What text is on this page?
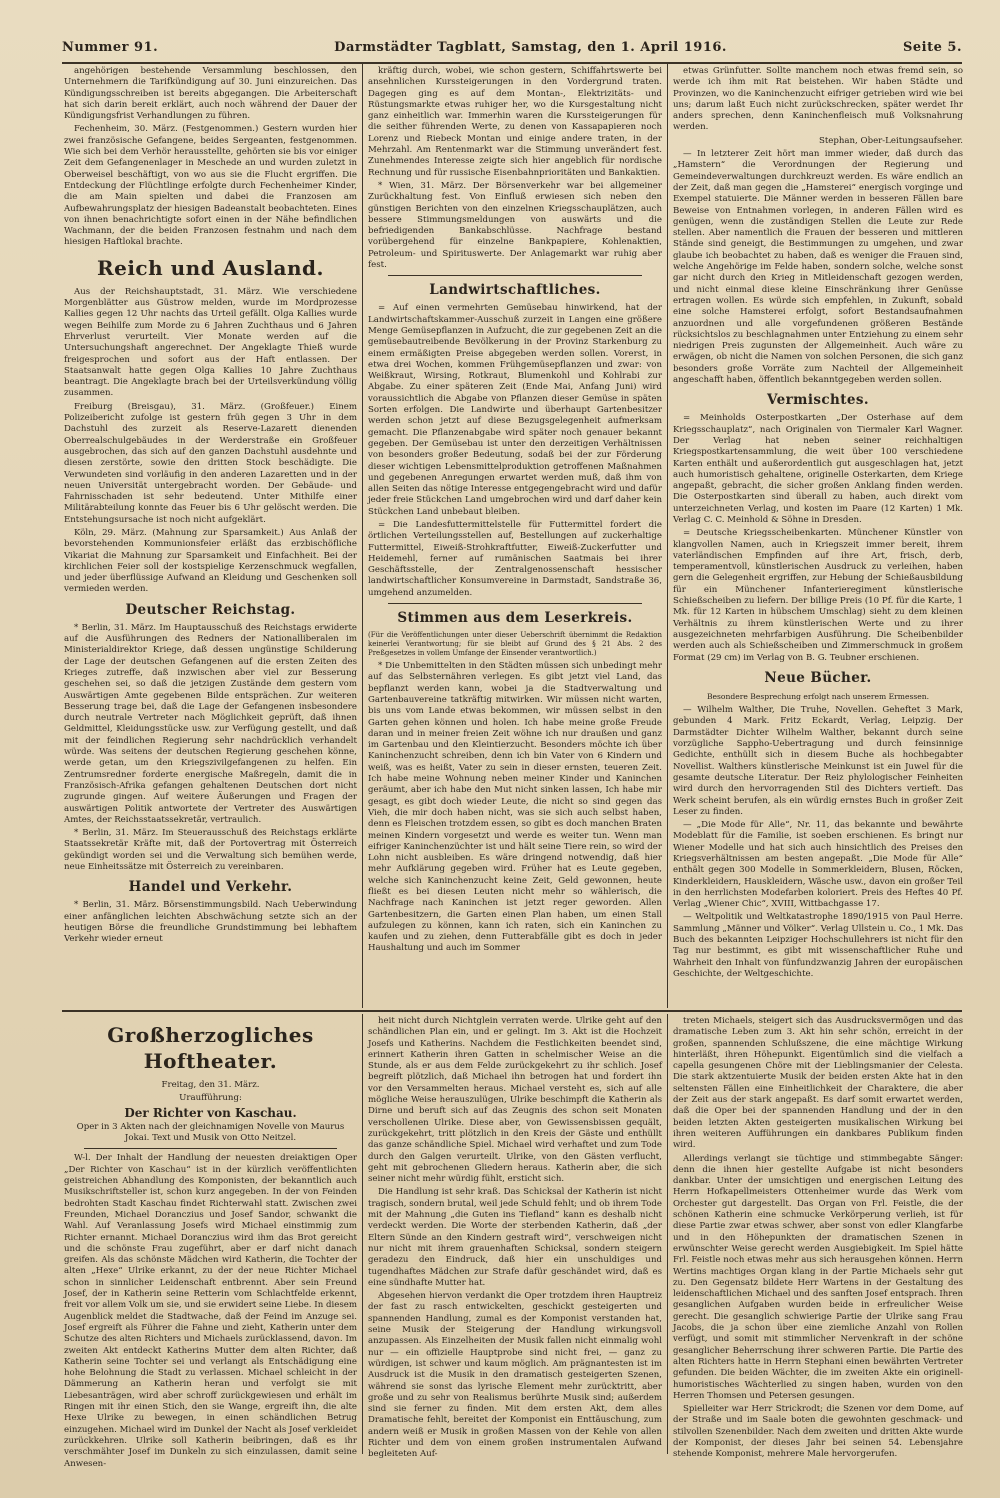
Nummer 91.	Darmstädter Tagblatt, Samstag, den 1. April 1916.	Seite 5.

angehörigen bestehende Versammlung beschlossen, den Unternehmern die Tarifkündigung auf 30. Juni einzureichen. Das Kündigungsschreiben ist bereits abgegangen. Die Arbeiterschaft hat sich darin bereit erklärt, auch noch während der Dauer der Kündigungsfrist Verhandlungen zu führen.

Fechenheim, 30. März. (Festgenommen.) Gestern wurden hier zwei französische Gefangene, beides Sergeanten, festgenommen. Wie sich bei dem Verhör herausstellte, gehörten sie bis vor einiger Zeit dem Gefangenenlager in Meschede an und wurden zuletzt in Oberweisel beschäftigt, von wo aus sie die Flucht ergriffen. Die Entdeckung der Flüchtlinge erfolgte durch Fechenheimer Kinder, die am Main spielten und dabei die Franzosen am Aufbewahrungsplatz der hiesigen Badeanstalt beobachteten. Eines von ihnen benachrichtigte sofort einen in der Nähe befindlichen Wachmann, der die beiden Franzosen festnahm und nach dem hiesigen Haftlokal brachte.

Reich und Ausland.

Aus der Reichshauptstadt, 31. März. Wie verschiedene Morgenblätter aus Güstrow melden, wurde im Mordprozesse Kallies gegen 12 Uhr nachts das Urteil gefällt. Olga Kallies wurde wegen Beihilfe zum Morde zu 6 Jahren Zuchthaus und 6 Jahren Ehrverlust verurteilt. Vier Monate werden auf die Untersuchungshaft angerechnet. Der Angeklagte Thieß wurde freigesprochen und sofort aus der Haft entlassen. Der Staatsanwalt hatte gegen Olga Kallies 10 Jahre Zuchthaus beantragt. Die Angeklagte brach bei der Urteilsverkündung völlig zusammen.

Freiburg (Breisgau), 31. März. (Großfeuer.) Einem Polizeibericht zufolge ist gestern früh gegen 3 Uhr in dem Dachstuhl des zurzeit als Reserve-Lazarett dienenden Oberrealschulgebäudes in der Werderstraße ein Großfeuer ausgebrochen, das sich auf den ganzen Dachstuhl ausdehnte und diesen zerstörte, sowie den dritten Stock beschädigte. Die Verwundeten sind vorläufig in den anderen Lazaretten und in der neuen Universität untergebracht worden. Der Gebäude- und Fahrnisschaden ist sehr bedeutend. Unter Mithilfe einer Militärabteilung konnte das Feuer bis 6 Uhr gelöscht werden. Die Entstehungsursache ist noch nicht aufgeklärt.

Köln, 29. März. (Mahnung zur Sparsamkeit.) Aus Anlaß der bevorstehenden Kommunionsfeier erläßt das erzbischöfliche Vikariat die Mahnung zur Sparsamkeit und Einfachheit. Bei der kirchlichen Feier soll der kostspielige Kerzenschmuck wegfallen, und jeder überflüssige Aufwand an Kleidung und Geschenken soll vermieden werden.

Deutscher Reichstag.

* Berlin, 31. März. Im Hauptausschuß des Reichstags erwiderte auf die Ausführungen des Redners der Nationalliberalen im Ministerialdirektor Kriege, daß dessen ungünstige Schilderung der Lage der deutschen Gefangenen auf die ersten Zeiten des Krieges zutreffe, daß inzwischen aber viel zur Besserung geschehen sei, so daß die jetzigen Zustände dem gestern vom Auswärtigen Amte gegebenen Bilde entsprächen. Zur weiteren Besserung trage bei, daß die Lage der Gefangenen insbesondere durch neutrale Vertreter nach Möglichkeit geprüft, daß ihnen Geldmittel, Kleidungsstücke usw. zur Verfügung gestellt, und daß mit der feindlichen Regierung sehr nachdrücklich verhandelt würde. Was seitens der deutschen Regierung geschehen könne, werde getan, um den Kriegszivilgefangenen zu helfen. Ein Zentrumsredner forderte energische Maßregeln, damit die in Französisch-Afrika gefangen gehaltenen Deutschen dort nicht zugrunde gingen. Auf weitere Äußerungen und Fragen der auswärtigen Politik antwortete der Vertreter des Auswärtigen Amtes, der Reichsstaatssekretär, vertraulich.

* Berlin, 31. März. Im Steuerausschuß des Reichstags erklärte Staatssekretär Kräfte mit, daß der Portovertrag mit Österreich gekündigt worden sei und die Verwaltung sich bemühen werde, neue Einheitssätze mit Österreich zu vereinbaren.

Handel und Verkehr.

* Berlin, 31. März. Börsenstimmungsbild. Nach Ueberwindung einer anfänglichen leichten Abschwächung setzte sich an der heutigen Börse die freundliche Grundstimmung bei lebhaftem Verkehr wieder erneut

kräftig durch, wobei, wie schon gestern, Schiffahrtswerte bei ansehnlichen Kurssteigerungen in den Vordergrund traten. Dagegen ging es auf dem Montan-, Elektrizitäts- und Rüstungsmarkte etwas ruhiger her, wo die Kursgestaltung nicht ganz einheitlich war. Immerhin waren die Kurssteigerungen für die seither führenden Werte, zu denen von Kassapapieren noch Lorenz und Riebeck Montan und einige andere traten, in der Mehrzahl. Am Rentenmarkt war die Stimmung unverändert fest. Zunehmendes Interesse zeigte sich hier angeblich für nordische Rechnung und für russische Eisenbahnprioritäten und Bankaktien.

* Wien, 31. März. Der Börsenverkehr war bei allgemeiner Zurückhaltung fest. Von Einfluß erwiesen sich neben den günstigen Berichten von den einzelnen Kriegsschauplätzen, auch bessere Stimmungsmeldungen von auswärts und die befriedigenden Bankabschlüsse. Nachfrage bestand vorübergehend für einzelne Bankpapiere, Kohlenaktien, Petroleum- und Spirituswerte. Der Anlagemarkt war ruhig aber fest.

Landwirtschaftliches.

= Auf einen vermehrten Gemüsebau hinwirkend, hat der Landwirtschaftskammer-Ausschuß zurzeit in Langen eine größere Menge Gemüsepflanzen in Aufzucht, die zur gegebenen Zeit an die gemüsebautreibende Bevölkerung in der Provinz Starkenburg zu einem ermäßigten Preise abgegeben werden sollen. Vorerst, in etwa drei Wochen, kommen Frühgemüsepflanzen und zwar: von Weißkraut, Wirsing, Rotkraut, Blumenkohl und Kohlrabi zur Abgabe. Zu einer späteren Zeit (Ende Mai, Anfang Juni) wird voraussichtlich die Abgabe von Pflanzen dieser Gemüse in späten Sorten erfolgen. Die Landwirte und überhaupt Gartenbesitzer werden schon jetzt auf diese Bezugsgelegenheit aufmerksam gemacht. Die Pflanzenabgabe wird später noch genauer bekannt gegeben. Der Gemüsebau ist unter den derzeitigen Verhältnissen von besonders großer Bedeutung, sodaß bei der zur Förderung dieser wichtigen Lebensmittelproduktion getroffenen Maßnahmen und gegebenen Anregungen erwartet werden muß, daß ihm von allen Seiten das nötige Interesse entgegengebracht wird und dafür jeder freie Stückchen Land umgebrochen wird und darf daher kein Stückchen Land unbebaut bleiben.

= Die Landesfuttermittelstelle für Futtermittel fordert die örtlichen Verteilungsstellen auf, Bestellungen auf zuckerhaltige Futtermittel, Eiweiß-Strohkraftfutter, Eiweiß-Zuckerfutter und Heidemehl, ferner auf rumänischen Saatmais bei ihrer Geschäftsstelle, der Zentralgenossenschaft hessischer landwirtschaftlicher Konsumvereine in Darmstadt, Sandstraße 36, umgehend anzumelden.

Stimmen aus dem Leserkreis.
(Für die Veröffentlichungen unter dieser Ueberschrift übernimmt die Redaktion keinerlei Verantwortung; für sie bleibt auf Grund des § 21 Abs. 2 des Preßgesetzes in vollem Umfange der Einsender verantwortlich.)

* Die Unbemittelten in den Städten müssen sich unbedingt mehr auf das Selbsternähren verlegen. Es gibt jetzt viel Land, das bepflanzt werden kann, wobei ja die Stadtverwaltung und Gartenbauvereine tatkräftig mitwirken. Wir müssen nicht warten, bis uns vom Lande etwas bekommen, wir müssen selbst in den Garten gehen können und holen. Ich habe meine große Freude daran und in meiner freien Zeit wöhne ich nur draußen und ganz im Gartenbau und den Kleintierzucht. Besonders möchte ich über Kaninchenzucht schreiben, denn ich bin Vater von 6 Kindern und weiß, was es heißt, Vater zu sein in dieser ernsten, teueren Zeit. Ich habe meine Wohnung neben meiner Kinder und Kaninchen geräumt, aber ich habe den Mut nicht sinken lassen, Ich habe mir gesagt, es gibt doch wieder Leute, die nicht so sind gegen das Vieh, die mir doch haben nicht, was sie sich auch selbst haben, denn es Fleischen trotzdem essen, so gibt es doch manchen Braten meinen Kindern vorgesetzt und werde es weiter tun. Wenn man eifriger Kaninchenzüchter ist und hält seine Tiere rein, so wird der Lohn nicht ausbleiben. Es wäre dringend notwendig, daß hier mehr Aufklärung gegeben wird. Früher hat es Leute gegeben, welche sich Kaninchenzucht keine Zeit, Geld gewonnen, heute fließt es bei diesen Leuten nicht mehr so wählerisch, die Nachfrage nach Kaninchen ist jetzt reger geworden. Allen Gartenbesitzern, die Garten einen Plan haben, um einen Stall aufzulegen zu können, kann ich raten, sich ein Kaninchen zu kaufen und zu ziehen, denn Futterabfälle gibt es doch in jeder Haushaltung und auch im Sommer

etwas Grünfutter. Sollte manchem noch etwas fremd sein, so werde ich ihm mit Rat beistehen. Wir haben Städte und Provinzen, wo die Kaninchenzucht eifriger getrieben wird wie bei uns; darum laßt Euch nicht zurückschrecken, später werdet Ihr anders sprechen, denn Kaninchenfleisch muß Volksnahrung werden.

Stephan, Ober-Leitungsaufseher.

— In letzterer Zeit hört man immer wieder, daß durch das „Hamstern“ die Verordnungen der Regierung und Gemeindeverwaltungen durchkreuzt werden. Es wäre endlich an der Zeit, daß man gegen die „Hamsterei“ energisch vorginge und Exempel statuierte. Die Männer werden in besseren Fällen bare Beweise von Entnahmen vorlegen, in anderen Fällen wird es genügen, wenn die zuständigen Stellen die Leute zur Rede stellen. Aber namentlich die Frauen der besseren und mittleren Stände sind geneigt, die Bestimmungen zu umgehen, und zwar glaube ich beobachtet zu haben, daß es weniger die Frauen sind, welche Angehörige im Felde haben, sondern solche, welche sonst gar nicht durch den Krieg in Mitleidenschaft gezogen werden, und nicht einmal diese kleine Einschränkung ihrer Genüsse ertragen wollen. Es würde sich empfehlen, in Zukunft, sobald eine solche Hamsterei erfolgt, sofort Bestandsaufnahmen anzuordnen und alle vorgefundenen größeren Bestände rücksichtslos zu beschlagnahmen unter Entziehung zu einem sehr niedrigen Preis zugunsten der Allgemeinheit. Auch wäre zu erwägen, ob nicht die Namen von solchen Personen, die sich ganz besonders große Vorräte zum Nachteil der Allgemeinheit angeschafft haben, öffentlich bekanntgegeben werden sollen.

Vermischtes.

= Meinholds Osterpostkarten „Der Osterhase auf dem Kriegsschauplatz“, nach Originalen von Tiermaler Karl Wagner. Der Verlag hat neben seiner reichhaltigen Kriegspostkartensammlung, die weit über 100 verschiedene Karten enthält und außerordentlich gut ausgeschlagen hat, jetzt auch humoristisch gehaltene, originelle Osterkarten, dem Kriege angepaßt, gebracht, die sicher großen Anklang finden werden. Die Osterpostkarten sind überall zu haben, auch direkt vom unterzeichneten Verlag, und kosten im Paare (12 Karten) 1 Mk. Verlag C. C. Meinhold & Söhne in Dresden.

= Deutsche Kriegsscheibenkarten. Münchener Künstler von klangvollen Namen, auch in Kriegszeit immer bereit, ihrem vaterländischen Empfinden auf ihre Art, frisch, derb, temperamentvoll, künstlerischen Ausdruck zu verleihen, haben gern die Gelegenheit ergriffen, zur Hebung der Schießausbildung für ein Münchener Infanterieregiment künstlerische Schießscheiben zu liefern. Der billige Preis (10 Pf. für die Karte, 1 Mk. für 12 Karten in hübschem Umschlag) sieht zu dem kleinen Verhältnis zu ihrem künstlerischen Werte und zu ihrer ausgezeichneten mehrfarbigen Ausführung. Die Scheibenbilder werden auch als Schießscheiben und Zimmerschmuck in großem Format (29 cm) im Verlag von B. G. Teubner erschienen.

Neue Bücher.
Besondere Besprechung erfolgt nach unserem Ermessen.

— Wilhelm Walther, Die Truhe, Novellen. Geheftet 3 Mark, gebunden 4 Mark. Fritz Eckardt, Verlag, Leipzig. Der Darmstädter Dichter Wilhelm Walther, bekannt durch seine vorzügliche Sappho-Uebertragung und durch feinsinnige Gedichte, enthüllt sich in diesem Buche als hochbegabter Novellist. Walthers künstlerische Meinkunst ist ein Juwel für die gesamte deutsche Literatur. Der Reiz phylologischer Feinheiten wird durch den hervorragenden Stil des Dichters vertieft. Das Werk scheint berufen, als ein würdig ernstes Buch in großer Zeit Leser zu finden.

— „Die Mode für Alle“, Nr. 11, das bekannte und bewährte Modeblatt für die Familie, ist soeben erschienen. Es bringt nur Wiener Modelle und hat sich auch hinsichtlich des Preises den Kriegsverhältnissen am besten angepaßt. „Die Mode für Alle“ enthält gegen 300 Modelle in Sommerkleidern, Blusen, Röcken, Kinderkleidern, Hauskleidern, Wäsche usw., davon ein großer Teil in den herrlichsten Modefarben koloriert. Preis des Heftes 40 Pf. Verlag „Wiener Chic“, XVIII, Wittbachgasse 17.

— Weltpolitik und Weltkatastrophe 1890/1915 von Paul Herre. Sammlung „Männer und Völker“. Verlag Ullstein u. Co., 1 Mk. Das Buch des bekannten Leipziger Hochschullehrers ist nicht für den Tag nur bestimmt, es gibt mit wissenschaftlicher Ruhe und Wahrheit den Inhalt von fünfundzwanzig Jahren der europäischen Geschichte, der Weltgeschichte.

Großherzogliches Hoftheater.

Freitag, den 31. März.

Uraufführung:

Der Richter von Kaschau.

Oper in 3 Akten nach der gleichnamigen Novelle von Maurus Jokai. Text und Musik von Otto Neitzel.

W-l. Der Inhalt der Handlung der neuesten dreiaktigen Oper „Der Richter von Kaschau“ ist in der kürzlich veröffentlichten geistreichen Abhandlung des Komponisten, der bekanntlich auch Musikschriftsteller ist, schon kurz angegeben. In der von Feinden bedrohten Stadt Kaschau findet Richterwahl statt. Zwischen zwei Freunden, Michael Doranczius und Josef Sandor, schwankt die Wahl. Auf Veranlassung Josefs wird Michael einstimmig zum Richter ernannt. Michael Doranczius wird ihm das Brot gereicht und die schönste Frau zugeführt, aber er darf nicht danach greifen. Als das schönste Mädchen wird Katherin, die Tochter der alten „Hexe“ Ulrike erkannt, zu der der neue Richter Michael schon in sinnlicher Leidenschaft entbrennt. Aber sein Freund Josef, der in Katherin seine Retterin vom Schlachtfelde erkennt, freit vor allem Volk um sie, und sie erwidert seine Liebe. In diesem Augenblick meldet die Stadtwache, daß der Feind im Anzuge sei. Josef ergreift als Führer die Fahne und zieht, Katherin unter dem Schutze des alten Richters und Michaels zurücklassend, davon. Im zweiten Akt entdeckt Katherins Mutter dem alten Richter, daß Katherin seine Tochter sei und verlangt als Entschädigung eine hohe Belohnung die Stadt zu verlassen. Michael schleicht in der Dämmerung an Katherin heran und verfolgt sie mit Liebesanträgen, wird aber schroff zurückgewiesen und erhält im Ringen mit ihr einen Stich, den sie Wange, ergreift ihn, die alte Hexe Ulrike zu bewegen, in einen schändlichen Betrug einzugehen. Michael wird im Dunkel der Nacht als Josef verkleidet zurückkehren. Ulrike soll Katherin beibringen, daß es ihr verschmähter Josef im Dunkeln zu sich einzulassen, damit seine Anwesen-

heit nicht durch Nichtglein verraten werde. Ulrike geht auf den schändlichen Plan ein, und er gelingt. Im 3. Akt ist die Hochzeit Josefs und Katherins. Nachdem die Festlichkeiten beendet sind, erinnert Katherin ihren Gatten in schelmischer Weise an die Stunde, als er aus dem Felde zurückgekehrt zu ihr schlich. Josef begreift plötzlich, daß Michael ihn betrogen hat und fordert ihn vor den Versammelten heraus. Michael versteht es, sich auf alle mögliche Weise herauszulügen, Ulrike beschimpft die Katherin als Dirne und beruft sich auf das Zeugnis des schon seit Monaten verschollenen Ulrike. Diese aber, von Gewissensbissen gequält, zurückgekehrt, tritt plötzlich in den Kreis der Gäste und enthüllt das ganze schändliche Spiel. Michael wird verhaftet und zum Tode durch den Galgen verurteilt. Ulrike, von den Gästen verflucht, geht mit gebrochenen Gliedern heraus. Katherin aber, die sich seiner nicht mehr würdig fühlt, ersticht sich.

Die Handlung ist sehr kraß. Das Schicksal der Katherin ist nicht tragisch, sondern brutal, weil jede Schuld fehlt; und ob ihrem Tode mit der Mahnung „die Guten ins Tiefland“ kann es deshalb nicht verdeckt werden. Die Worte der sterbenden Katherin, daß „der Eltern Sünde an den Kindern gestraft wird“, verschweigen nicht nur nicht mit ihrem grauenhaften Schicksal, sondern steigern geradezu den Eindruck, daß hier ein unschuldiges und tugendhaftes Mädchen zur Strafe dafür geschändet wird, daß es eine sündhafte Mutter hat.

Abgesehen hiervon verdankt die Oper trotzdem ihren Hauptreiz der fast zu rasch entwickelten, geschickt gesteigerten und spannenden Handlung, zumal es der Komponist verstanden hat, seine Musik der Steigerung der Handlung wirkungsvoll anzupassen. Als Einzelheiten der Musik fallen nicht einmalig wohl nur — ein offizielle Hauptprobe sind nicht frei, — ganz zu würdigen, ist schwer und kaum möglich. Am prägnantesten ist im Ausdruck ist die Musik in den dramatisch gesteigerten Szenen, während sie sonst das lyrische Element mehr zurücktritt, aber große und zu sehr von Realismus berührte Musik sind; außerdem sind sie ferner zu finden. Mit dem ersten Akt, dem alles Dramatische fehlt, bereitet der Komponist ein Enttäuschung, zum andern weiß er Musik in großen Massen von der Kehle von allen Richter und dem von einem großen instrumentalen Aufwand begleiteten Auf-

treten Michaels, steigert sich das Ausdrucksvermögen und das dramatische Leben zum 3. Akt hin sehr schön, erreicht in der großen, spannenden Schlußszene, die eine mächtige Wirkung hinterläßt, ihren Höhepunkt. Eigentümlich sind die vielfach a capella gesungenen Chöre mit der Lieblingsmanier der Celesta. Die stark aktzentuierte Musik der beiden ersten Akte hat in den seltensten Fällen eine Einheitlichkeit der Charaktere, die aber der Zeit aus der stark angepaßt. Es darf somit erwartet werden, daß die Oper bei der spannenden Handlung und der in den beiden letzten Akten gesteigerten musikalischen Wirkung bei ihren weiteren Aufführungen ein dankbares Publikum finden wird.

Allerdings verlangt sie tüchtige und stimmbegabte Sänger: denn die ihnen hier gestellte Aufgabe ist nicht besonders dankbar. Unter der umsichtigen und energischen Leitung des Herrn Hofkapellmeisters Ottenheimer wurde das Werk vom Orchester gut dargestellt. Das Organ von Frl. Feistle, die der schönen Katherin eine schmucke Verkörperung verlieh, ist für diese Partie zwar etwas schwer, aber sonst von edler Klangfarbe und in den Höhepunkten der dramatischen Szenen in erwünschter Weise gerecht werden Ausgiebigkeit. Im Spiel hätte Frl. Feistle noch etwas mehr aus sich herausgehen können. Herrn Wertins machtiges Organ klang in der Partie Michaels sehr gut zu. Den Gegensatz bildete Herr Wartens in der Gestaltung des leidenschaftlichen Michael und des sanften Josef entsprach. Ihren gesanglichen Aufgaben wurden beide in erfreulicher Weise gerecht. Die gesanglich schwierige Partie der Ulrike sang Frau Jacobs, die ja schon über eine ziemliche Anzahl von Rollen verfügt, und somit mit stimmlicher Nervenkraft in der schöne gesanglicher Beherrschung ihrer schweren Partie. Die Partie des alten Richters hatte in Herrn Stephani einen bewährten Vertreter gefunden. Die beiden Wächter, die im zweiten Akte ein originell-humoristisches Wächterlied zu singen haben, wurden von den Herren Thomsen und Petersen gesungen.

Spielleiter war Herr Strickrodt; die Szenen vor dem Dome, auf der Straße und im Saale boten die gewohnten geschmack- und stilvollen Szenenbilder. Nach dem zweiten und dritten Akte wurde der Komponist, der dieses Jahr bei seinen 54. Lebensjahre stehende Komponist, mehrere Male hervorgerufen.
